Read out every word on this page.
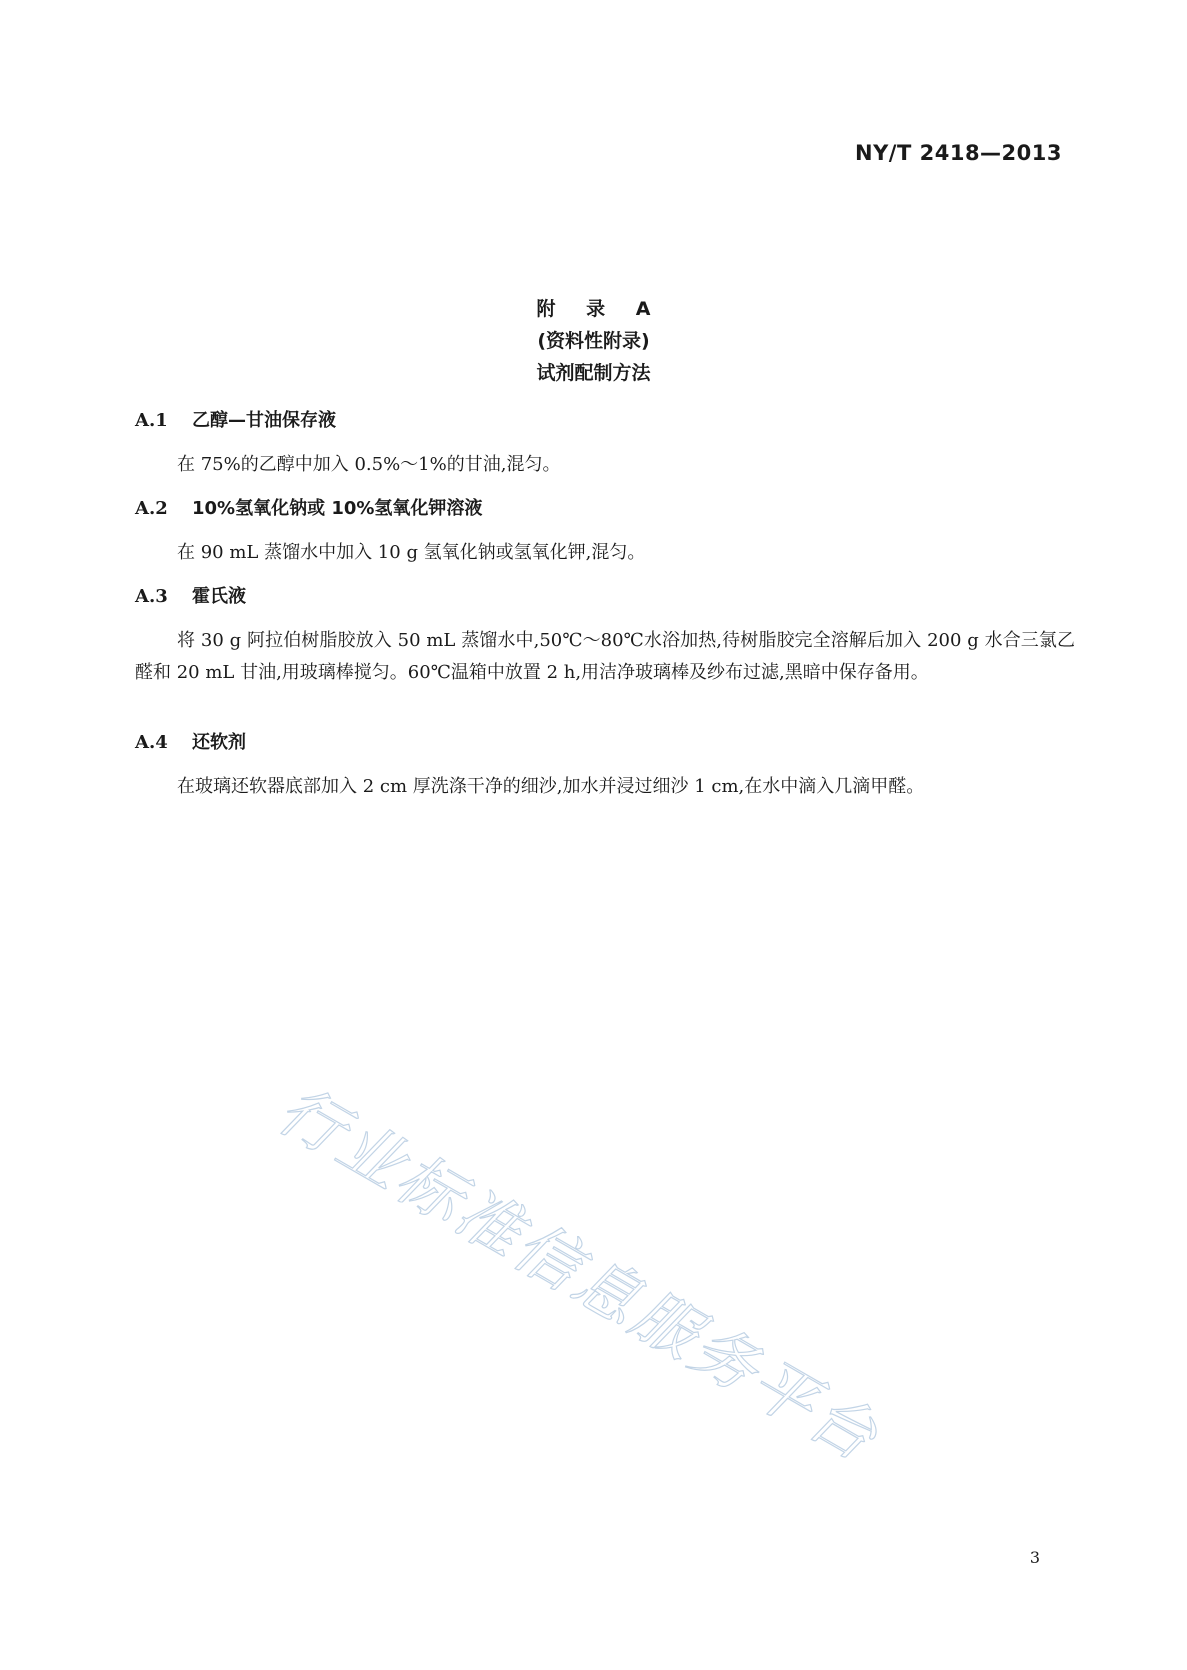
NY/T 2418—2013
附 录 A
(资料性附录)
试剂配制方法
A.1 乙醇—甘油保存液
在 75%的乙醇中加入 0.5%～1%的甘油,混匀。
A.2 10%氢氧化钠或 10%氢氧化钾溶液
在 90 mL 蒸馏水中加入 10 g 氢氧化钠或氢氧化钾,混匀。
A.3 霍氏液
将 30 g 阿拉伯树脂胶放入 50 mL 蒸馏水中,50℃～80℃水浴加热,待树脂胶完全溶解后加入 200 g 水合三氯乙醛和 20 mL 甘油,用玻璃棒搅匀。60℃温箱中放置 2 h,用洁净玻璃棒及纱布过滤,黑暗中保存备用。
A.4 还软剂
在玻璃还软器底部加入 2 cm 厚洗涤干净的细沙,加水并浸过细沙 1 cm,在水中滴入几滴甲醛。
行业标准信息服务平台
3
